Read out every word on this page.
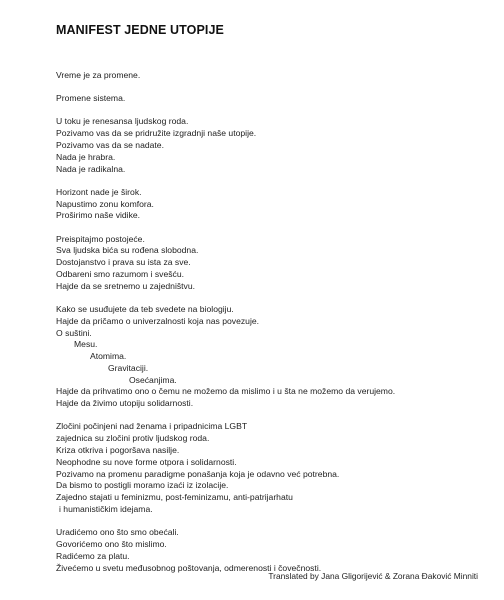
MANIFEST JEDNE UTOPIJE
Vreme je za promene.
Promene sistema.
U toku je renesansa ljudskog roda.
Pozivamo vas da se pridružite izgradnji naše utopije.
Pozivamo vas da se nadate.
Nada je hrabra.
Nada je radikalna.
Horizont nade je širok.
Napustimo zonu komfora.
Proširimo naše vidike.
Preispitajmo postojeće.
Sva ljudska bića su rođena slobodna.
Dostojanstvo i prava su ista za sve.
Odbareni smo razumom i svešću.
Hajde da se sretnemo u zajedništvu.
Kako se usuđujete da teb svedete na biologiju.
Hajde da pričamo o univerzalnosti koja nas povezuje.
O suštini.
Mesu.
Atomima.
Gravitaciji.
Osećanjima.
Hajde da prihvatimo ono o čemu ne možemo da mislimo i u šta ne možemo da verujemo.
Hajde da živimo utopiju solidarnosti.
Zločini počinjeni nad ženama i pripadnicima LGBT
zajednica su zločini protiv ljudskog roda.
Kriza otkriva i pogoršava nasilje.
Neophodne su nove forme otpora i solidarnosti.
Pozivamo na promenu paradigme ponašanja koja je odavno već potrebna.
Da bismo to postigli moramo izaći iz izolacije.
Zajedno stajati u feminizmu, post-feminizamu, anti-patrijarhatu
i humanističkim idejama.
Uradićemo ono što smo obećali.
Govorićemo ono što mislimo.
Radićemo za platu.
Živećemo u svetu međusobnog poštovanja, odmerenosti i čovečnosti.
Translated by Jana Gligorijević & Zorana Đaković Minniti
